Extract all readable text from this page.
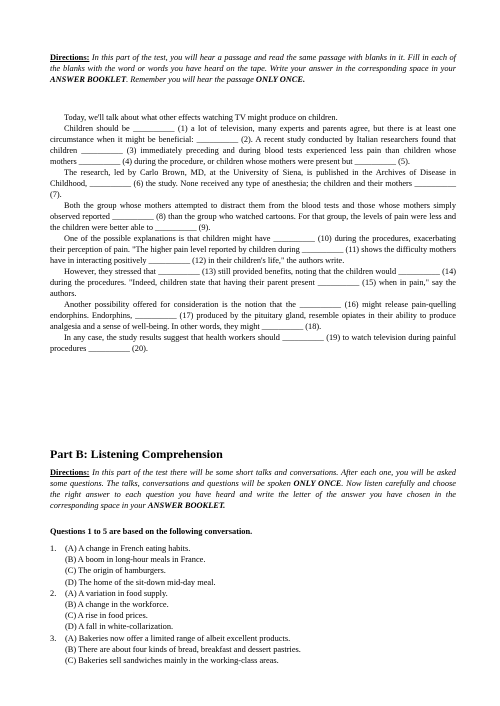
Directions: In this part of the test, you will hear a passage and read the same passage with blanks in it. Fill in each of the blanks with the word or words you have heard on the tape. Write your answer in the corresponding space in your ANSWER BOOKLET. Remember you will hear the passage ONLY ONCE.

Today, we'll talk about what other effects watching TV might produce on children.

Children should be __________ (1) a lot of television, many experts and parents agree, but there is at least one circumstance when it might be beneficial: __________ (2). A recent study conducted by Italian researchers found that children __________ (3) immediately preceding and during blood tests experienced less pain than children whose mothers __________ (4) during the procedure, or children whose mothers were present but __________ (5).

The research, led by Carlo Brown, MD, at the University of Siena, is published in the Archives of Disease in Childhood, __________ (6) the study. None received any type of anesthesia; the children and their mothers __________ (7).

Both the group whose mothers attempted to distract them from the blood tests and those whose mothers simply observed reported __________ (8) than the group who watched cartoons. For that group, the levels of pain were less and the children were better able to __________ (9).

One of the possible explanations is that children might have __________ (10) during the procedures, exacerbating their perception of pain. "The higher pain level reported by children during __________ (11) shows the difficulty mothers have in interacting positively __________ (12) in their children's life," the authors write.

However, they stressed that __________ (13) still provided benefits, noting that the children would __________ (14) during the procedures. "Indeed, children state that having their parent present __________ (15) when in pain," say the authors.

Another possibility offered for consideration is the notion that the __________ (16) might release pain-quelling endorphins. Endorphins, __________ (17) produced by the pituitary gland, resemble opiates in their ability to produce analgesia and a sense of well-being. In other words, they might __________ (18).

In any case, the study results suggest that health workers should __________ (19) to watch television during painful procedures __________ (20).

Part B: Listening Comprehension
Directions: In this part of the test there will be some short talks and conversations. After each one, you will be asked some questions. The talks, conversations and questions will be spoken ONLY ONCE. Now listen carefully and choose the right answer to each question you have heard and write the letter of the answer you have chosen in the corresponding space in your ANSWER BOOKLET.
Questions 1 to 5 are based on the following conversation.
1. (A) A change in French eating habits.
(B) A boom in long-hour meals in France.
(C) The origin of hamburgers.
(D) The home of the sit-down mid-day meal.
2. (A) A variation in food supply.
(B) A change in the workforce.
(C) A rise in food prices.
(D) A fall in white-collarization.
3. (A) Bakeries now offer a limited range of albeit excellent products.
(B) There are about four kinds of bread, breakfast and dessert pastries.
(C) Bakeries sell sandwiches mainly in the working-class areas.
